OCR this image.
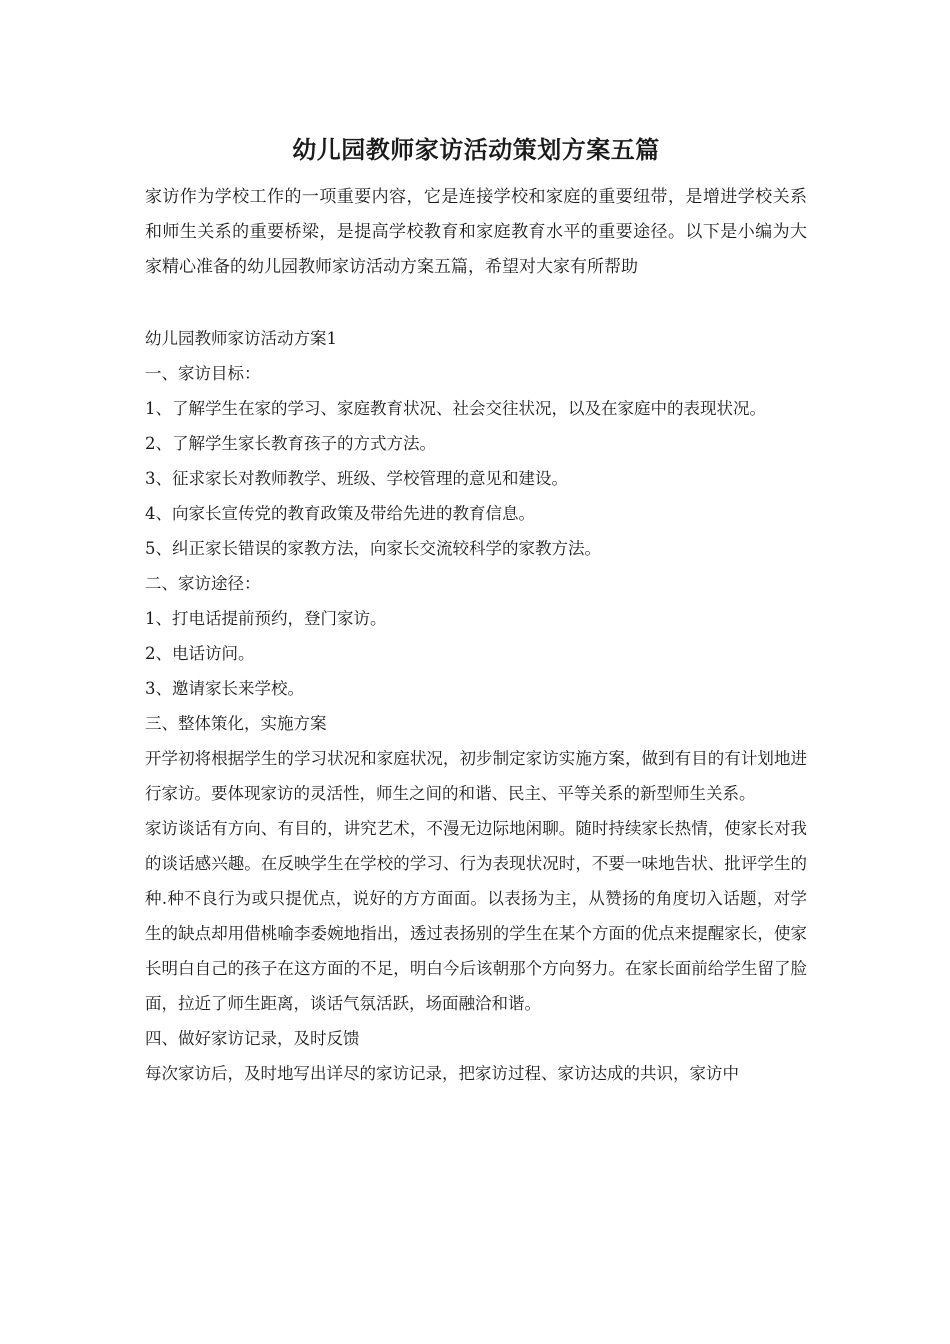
幼儿园教师家访活动策划方案五篇

家访作为学校工作的一项重要内容，它是连接学校和家庭的重要纽带，是增进学校关系和师生关系的重要桥梁，是提高学校教育和家庭教育水平的重要途径。以下是小编为大家精心准备的幼儿园教师家访活动方案五篇，希望对大家有所帮助

幼儿园教师家访活动方案1

一、家访目标：

1、了解学生在家的学习、家庭教育状况、社会交往状况，以及在家庭中的表现状况。

2、了解学生家长教育孩子的方式方法。

3、征求家长对教师教学、班级、学校管理的意见和建设。

4、向家长宣传党的教育政策及带给先进的教育信息。

5、纠正家长错误的家教方法，向家长交流较科学的家教方法。

二、家访途径：

1、打电话提前预约，登门家访。

2、电话访问。

3、邀请家长来学校。

三、整体策化，实施方案

开学初将根据学生的学习状况和家庭状况，初步制定家访实施方案，做到有目的有计划地进行家访。要体现家访的灵活性，师生之间的和谐、民主、平等关系的新型师生关系。

家访谈话有方向、有目的，讲究艺术，不漫无边际地闲聊。随时持续家长热情，使家长对我的谈话感兴趣。在反映学生在学校的学习、行为表现状况时，不要一味地告状、批评学生的种.种不良行为或只提优点，说好的方方面面。以表扬为主，从赞扬的角度切入话题，对学生的缺点却用借桃喻李委婉地指出，透过表扬别的学生在某个方面的优点来提醒家长，使家长明白自己的孩子在这方面的不足，明白今后该朝那个方向努力。在家长面前给学生留了脸面，拉近了师生距离，谈话气氛活跃，场面融洽和谐。

四、做好家访记录，及时反馈

每次家访后，及时地写出详尽的家访记录，把家访过程、家访达成的共识，家访中
